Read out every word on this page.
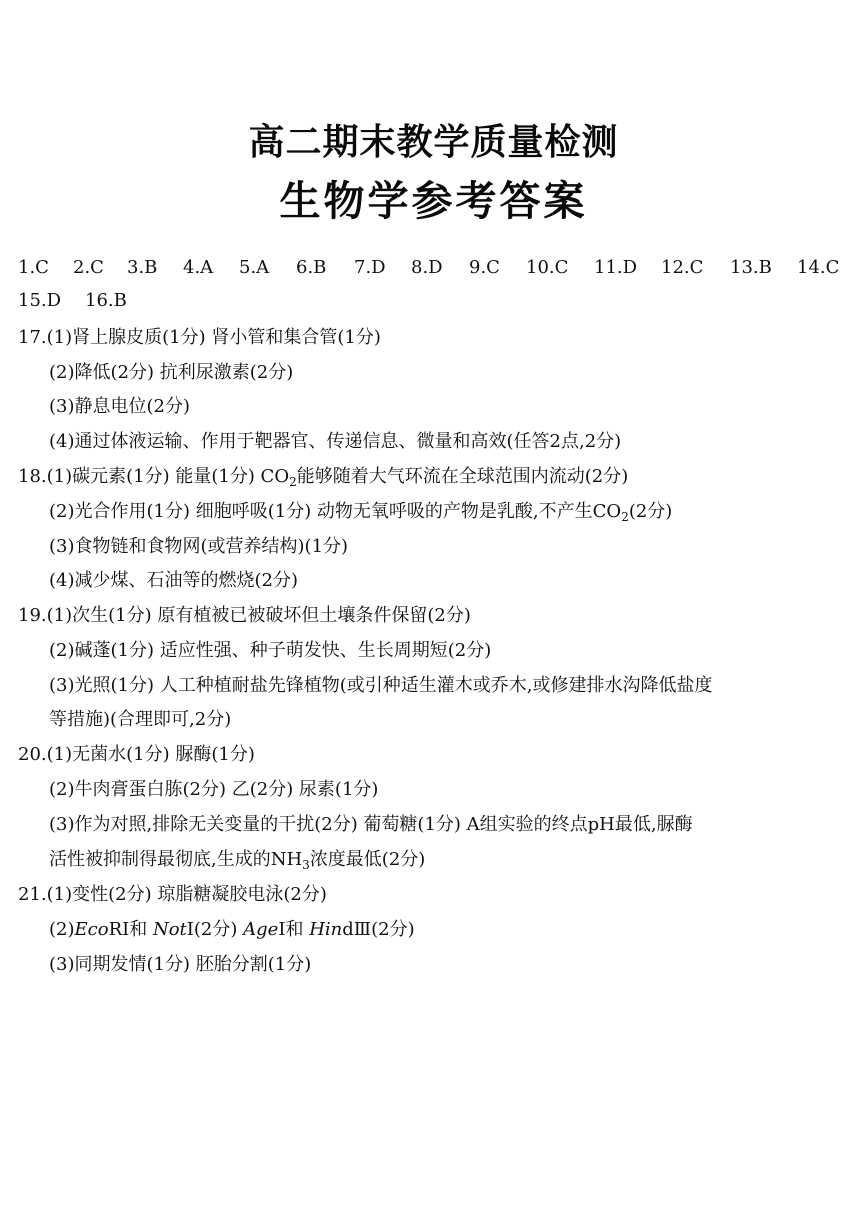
高二期末教学质量检测
生物学参考答案
1.C 2.C 3.B 4.A 5.A 6.B 7.D 8.D 9.C 10.C 11.D 12.C 13.B 14.C
15.D 16.B
17.(1)肾上腺皮质(1分) 肾小管和集合管(1分)
(2)降低(2分) 抗利尿激素(2分)
(3)静息电位(2分)
(4)通过体液运输、作用于靶器官、传递信息、微量和高效(任答2点,2分)
18.(1)碳元素(1分) 能量(1分) $CO_2$能够随着大气环流在全球范围内流动(2分)
(2)光合作用(1分) 细胞呼吸(1分) 动物无氧呼吸的产物是乳酸,不产生$CO_2(2$分)
(3)食物链和食物网(或营养结构)(1分)
(4)减少煤、石油等的燃烧(2分)
19.(1)次生(1分) 原有植被已被破坏但土壤条件保留(2分)
(2)碱蓬(1分) 适应性强、种子萌发快、生长周期短(2分)
(3)光照(1分) 人工种植耐盐先锋植物(或引种适生灌木或乔木,或修建排水沟降低盐度
等措施)(合理即可,2分)
20.(1)无菌水(1分) 脲酶(1分)
(2)牛肉膏蛋白胨(2分) 乙(2分) 尿素(1分)
(3)作为对照,排除无关变量的干扰(2分) 葡萄糖(1分) A组实验的终点pH最低,脲酶
活性被抑制得最彻底,生成的$NH_3$浓度最低(2分)
21.(1)变性(2分) 琼脂糖凝胶电泳(2分)
(2)EcoRⅠ和 NotⅠ(2分) AgeⅠ和 HindⅢ(2分)
(3)同期发情(1分) 胚胎分割(1分)
